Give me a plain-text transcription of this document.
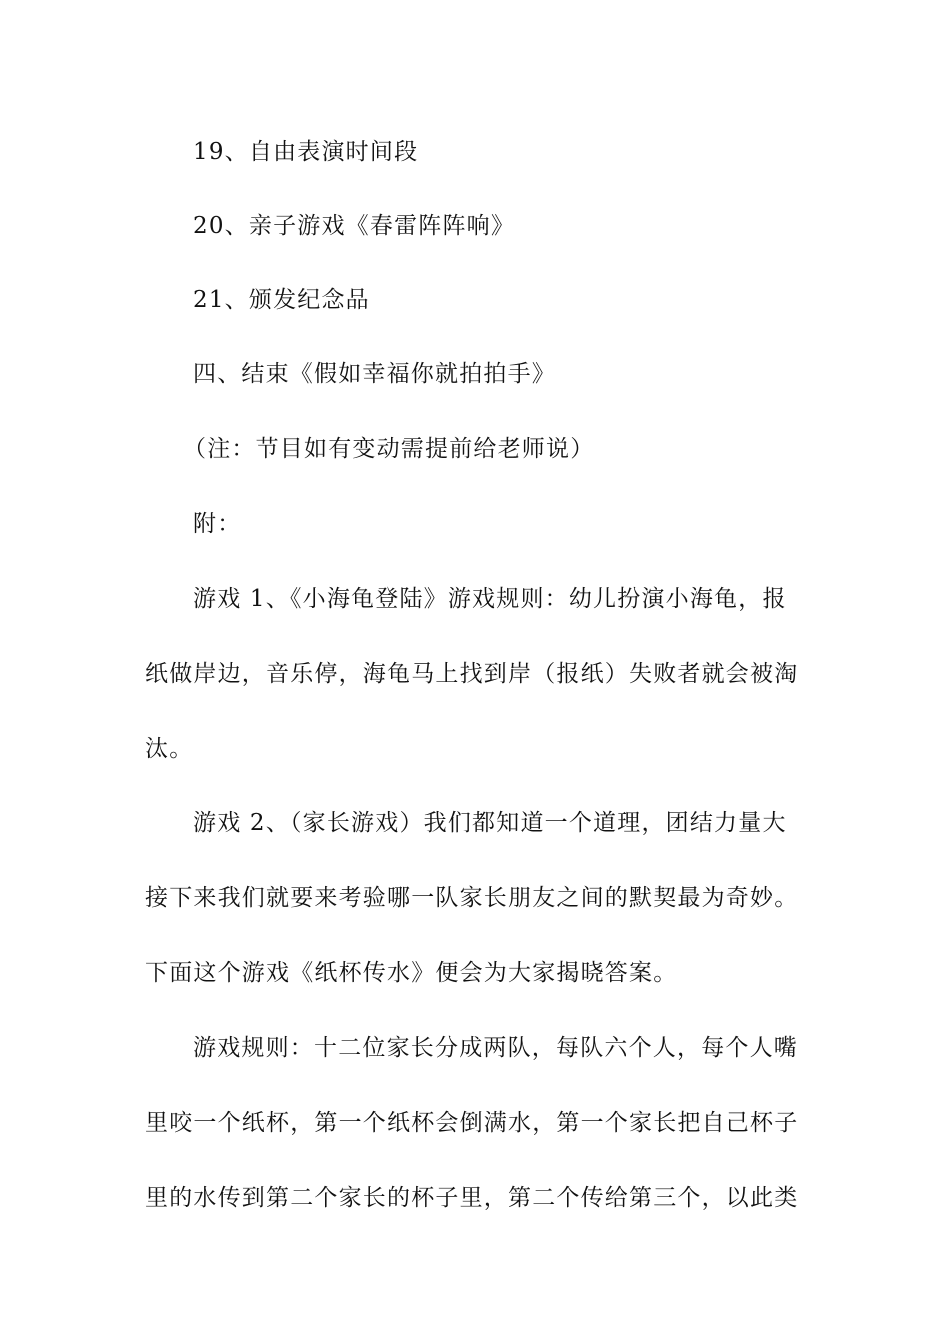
19、自由表演时间段
20、亲子游戏《春雷阵阵响》
21、颁发纪念品
四、结束《假如幸福你就拍拍手》
（注：节目如有变动需提前给老师说）
附：
游戏 1、《小海龟登陆》游戏规则：幼儿扮演小海龟，报
纸做岸边，音乐停，海龟马上找到岸（报纸）失败者就会被淘
汰。
游戏 2、（家长游戏）我们都知道一个道理，团结力量大
接下来我们就要来考验哪一队家长朋友之间的默契最为奇妙。
下面这个游戏《纸杯传水》便会为大家揭晓答案。
游戏规则：十二位家长分成两队，每队六个人，每个人嘴
里咬一个纸杯，第一个纸杯会倒满水，第一个家长把自己杯子
里的水传到第二个家长的杯子里，第二个传给第三个，以此类
